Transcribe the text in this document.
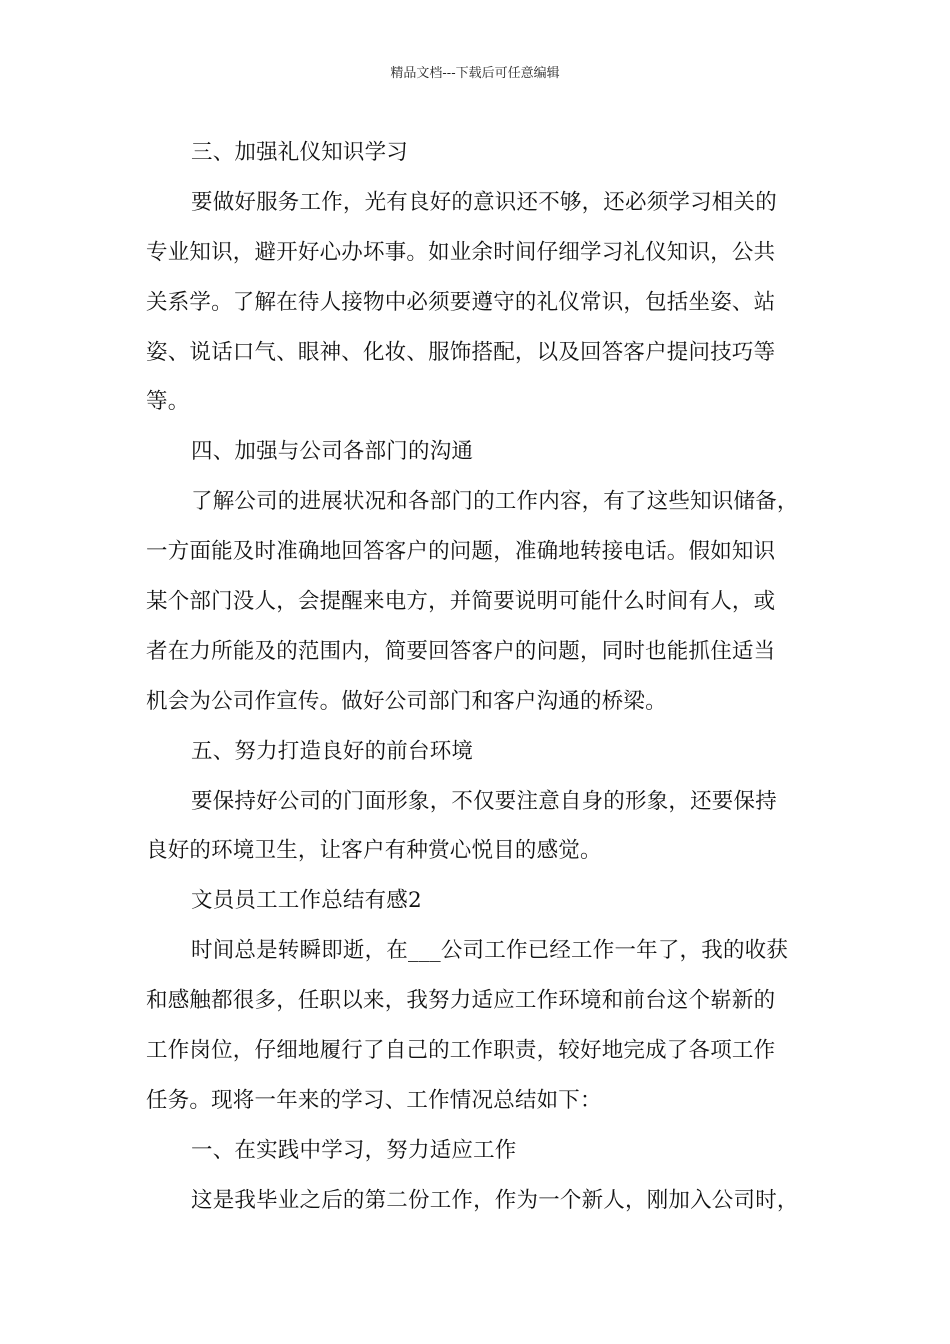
精品文档---下载后可任意编辑
三、加强礼仪知识学习
要做好服务工作，光有良好的意识还不够，还必须学习相关的
专业知识，避开好心办坏事。如业余时间仔细学习礼仪知识，公共
关系学。了解在待人接物中必须要遵守的礼仪常识，包括坐姿、站
姿、说话口气、眼神、化妆、服饰搭配，以及回答客户提问技巧等
等。
四、加强与公司各部门的沟通
了解公司的进展状况和各部门的工作内容，有了这些知识储备，
一方面能及时准确地回答客户的问题，准确地转接电话。假如知识
某个部门没人，会提醒来电方，并简要说明可能什么时间有人，或
者在力所能及的范围内，简要回答客户的问题，同时也能抓住适当
机会为公司作宣传。做好公司部门和客户沟通的桥梁。
五、努力打造良好的前台环境
要保持好公司的门面形象，不仅要注意自身的形象，还要保持
良好的环境卫生，让客户有种赏心悦目的感觉。
文员员工工作总结有感2
时间总是转瞬即逝，在___公司工作已经工作一年了，我的收获
和感触都很多，任职以来，我努力适应工作环境和前台这个崭新的
工作岗位，仔细地履行了自己的工作职责，较好地完成了各项工作
任务。现将一年来的学习、工作情况总结如下：
一、在实践中学习，努力适应工作
这是我毕业之后的第二份工作，作为一个新人，刚加入公司时，
